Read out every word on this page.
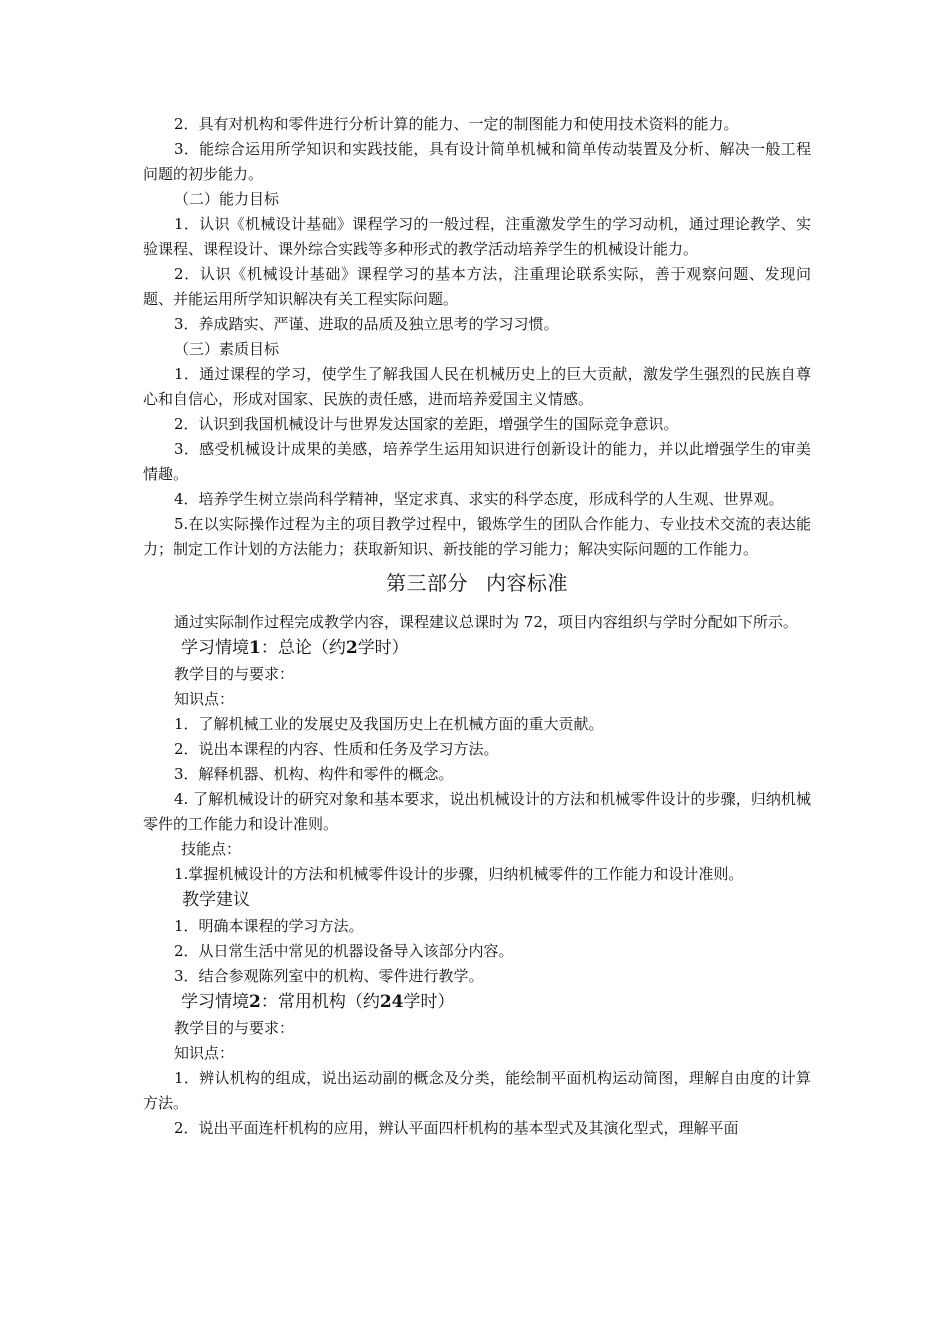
2．具有对机构和零件进行分析计算的能力、一定的制图能力和使用技术资料的能力。

3．能综合运用所学知识和实践技能，具有设计简单机械和简单传动装置及分析、解决一般工程问题的初步能力。

（二）能力目标

1．认识《机械设计基础》课程学习的一般过程，注重激发学生的学习动机，通过理论教学、实验课程、课程设计、课外综合实践等多种形式的教学活动培养学生的机械设计能力。

2．认识《机械设计基础》课程学习的基本方法，注重理论联系实际，善于观察问题、发现问题、并能运用所学知识解决有关工程实际问题。

3．养成踏实、严谨、进取的品质及独立思考的学习习惯。

（三）素质目标

1．通过课程的学习，使学生了解我国人民在机械历史上的巨大贡献，激发学生强烈的民族自尊心和自信心，形成对国家、民族的责任感，进而培养爱国主义情感。

2．认识到我国机械设计与世界发达国家的差距，增强学生的国际竞争意识。

3．感受机械设计成果的美感，培养学生运用知识进行创新设计的能力，并以此增强学生的审美情趣。

4．培养学生树立崇尚科学精神，坚定求真、求实的科学态度，形成科学的人生观、世界观。

5.在以实际操作过程为主的项目教学过程中，锻炼学生的团队合作能力、专业技术交流的表达能力；制定工作计划的方法能力；获取新知识、新技能的学习能力；解决实际问题的工作能力。

第三部分 内容标准

通过实际制作过程完成教学内容，课程建议总课时为 72，项目内容组织与学时分配如下所示。

学习情境1：总论（约2学时）

教学目的与要求：

知识点：

1．了解机械工业的发展史及我国历史上在机械方面的重大贡献。

2．说出本课程的内容、性质和任务及学习方法。

3．解释机器、机构、构件和零件的概念。

4. 了解机械设计的研究对象和基本要求，说出机械设计的方法和机械零件设计的步骤，归纳机械零件的工作能力和设计准则。

技能点：

1.掌握机械设计的方法和机械零件设计的步骤，归纳机械零件的工作能力和设计准则。

教学建议

1．明确本课程的学习方法。

2．从日常生活中常见的机器设备导入该部分内容。

3．结合参观陈列室中的机构、零件进行教学。

学习情境2：常用机构（约24学时）

教学目的与要求：

知识点：

1．辨认机构的组成，说出运动副的概念及分类，能绘制平面机构运动简图，理解自由度的计算方法。

2．说出平面连杆机构的应用，辨认平面四杆机构的基本型式及其演化型式，理解平面
